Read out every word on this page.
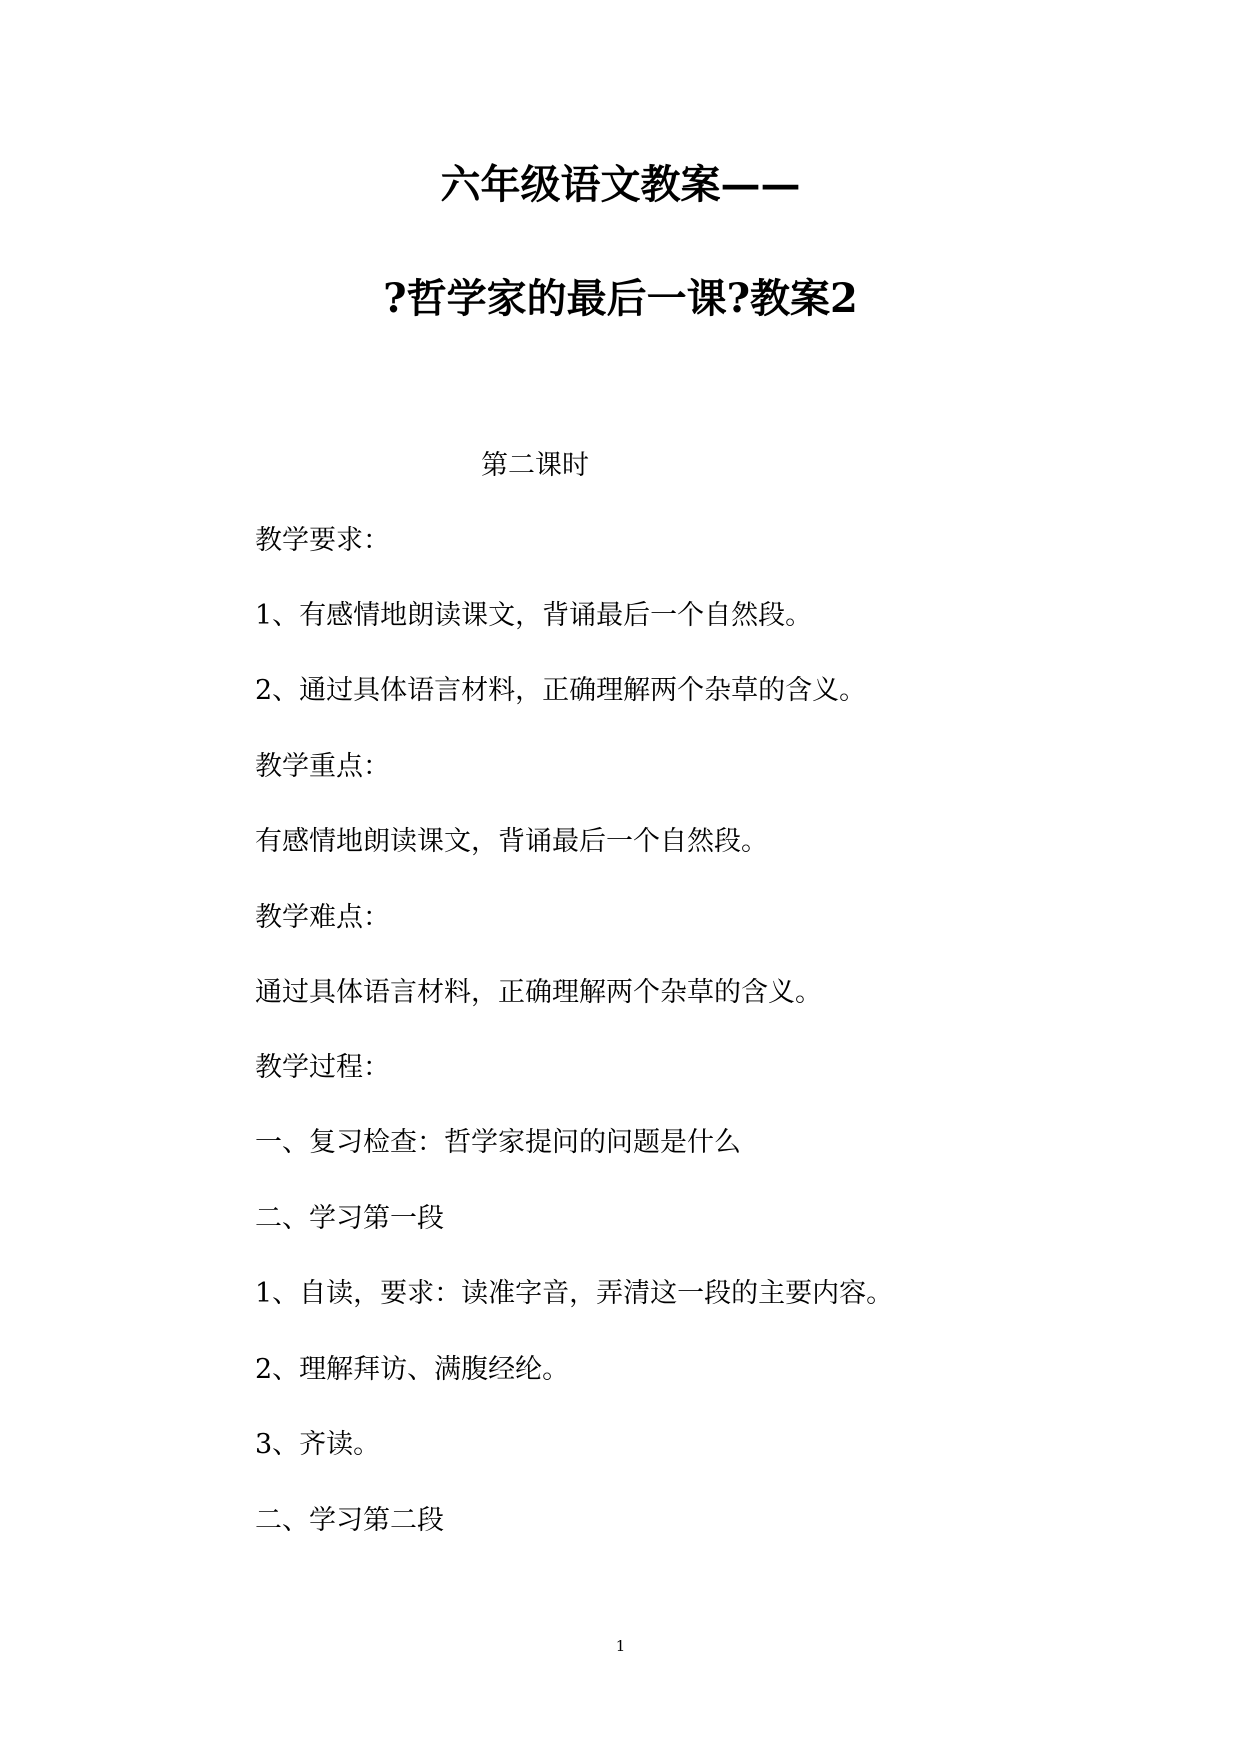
六年级语文教案——
?哲学家的最后一课?教案2

第二课时

教学要求：

1、有感情地朗读课文，背诵最后一个自然段。

2、通过具体语言材料，正确理解两个杂草的含义。

教学重点：

有感情地朗读课文，背诵最后一个自然段。

教学难点：

通过具体语言材料，正确理解两个杂草的含义。

教学过程：

一、复习检查：哲学家提问的问题是什么

二、学习第一段

1、自读，要求：读准字音，弄清这一段的主要内容。

2、理解拜访、满腹经纶。

3、齐读。

二、学习第二段

1
